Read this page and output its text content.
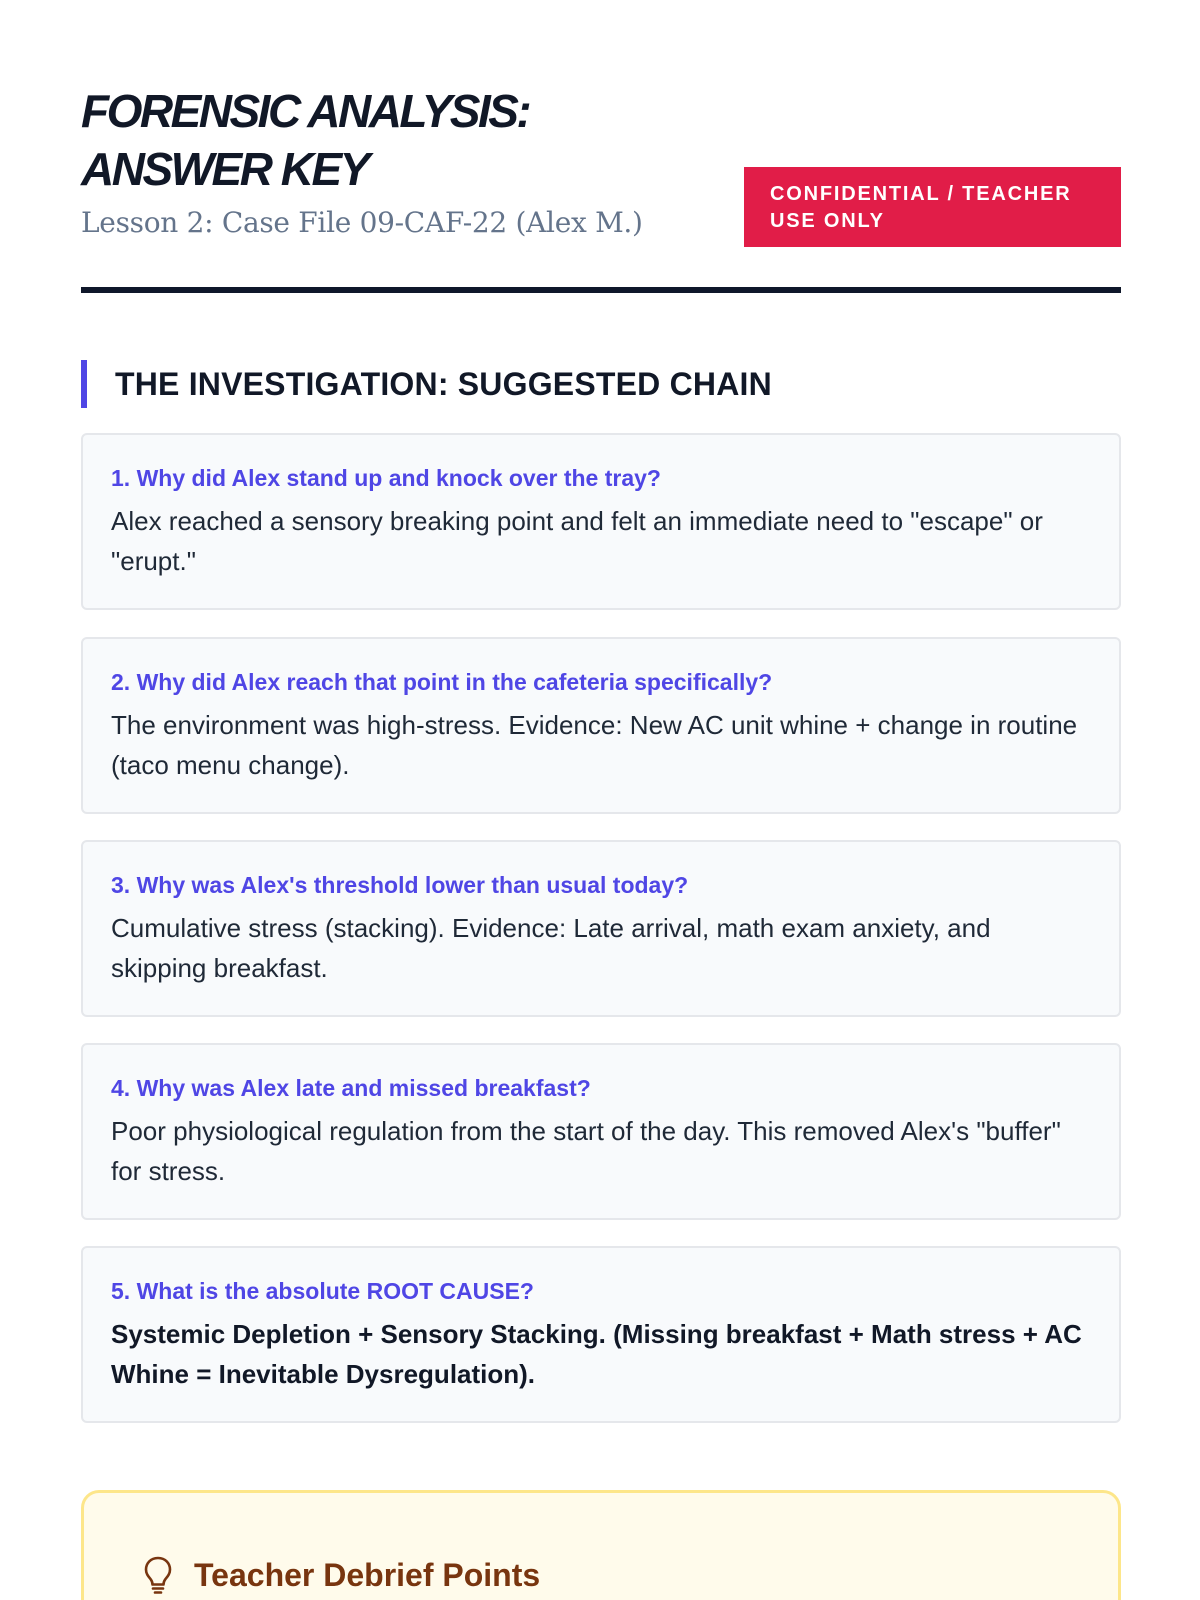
FORENSIC ANALYSIS:
ANSWER KEY
Lesson 2: Case File 09-CAF-22 (Alex M.)
CONFIDENTIAL / TEACHER USE ONLY
THE INVESTIGATION: SUGGESTED CHAIN
1. Why did Alex stand up and knock over the tray?
Alex reached a sensory breaking point and felt an immediate need to "escape" or "erupt."
2. Why did Alex reach that point in the cafeteria specifically?
The environment was high-stress. Evidence: New AC unit whine + change in routine (taco menu change).
3. Why was Alex's threshold lower than usual today?
Cumulative stress (stacking). Evidence: Late arrival, math exam anxiety, and skipping breakfast.
4. Why was Alex late and missed breakfast?
Poor physiological regulation from the start of the day. This removed Alex's "buffer" for stress.
5. What is the absolute ROOT CAUSE?
Systemic Depletion + Sensory Stacking. (Missing breakfast + Math stress + AC Whine = Inevitable Dysregulation).
Teacher Debrief Points
